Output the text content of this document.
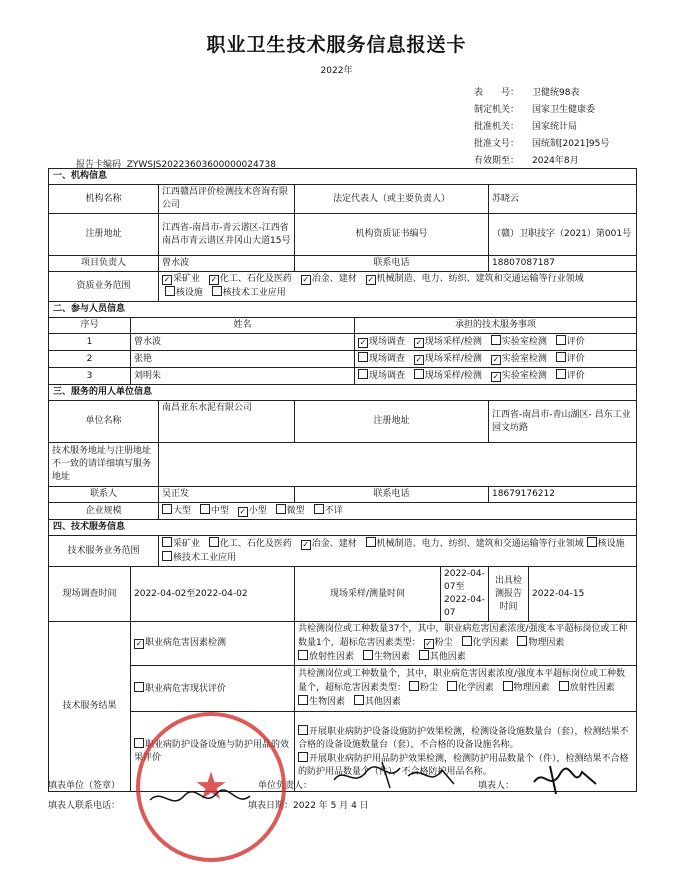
职业卫生技术服务信息报送卡
2022年
表　　号： 卫健统98表
制定机关： 国家卫生健康委
批准机关： 国家统计局
批准文号： 国统制[2021]95号
有效期至： 2024年8月
报告卡编码 ZYWSJS20223603600000024738
一、机构信息							
机构名称		江西赣昌评价检测技术咨询有限公司	法定代表人（或主要负责人）			苏晓云	
注册地址		江西省-南昌市-青云谱区-江西省南昌市青云谱区井冈山大道15号	机构资质证书编号			（赣）卫职技字（2021）第001号	
项目负责人		曾水波	联系电话			18807087187	
资质业务范围		✓ 采矿业 ✓ 化工、石化及医药 ✓ 冶金、建材 ✓ 机械制造、电力、纺织、建筑和交通运输等行业领域  核设施 核技术工业应用					
二、参与人员信息							
序号	姓名			承担的技术服务事项			
1	曾水波			✓ 现场调查 ✓ 现场采样/检测 实验室检测 评价			
2	张艳			现场调查 ✓ 现场采样/检测 ✓ 实验室检测 评价			
3	刘明朱			现场调查 现场采样/检测 ✓ 实验室检测 评价			
三、服务的用人单位信息							
单位名称		南昌亚东水泥有限公司	注册地址			江西省-南昌市-青山湖区- 昌东工业园文坊路	
技术服务地址与注册地址不一致的请详细填写服务地址							
联系人		吴正发	联系电话			18679176212	
企业规模		大型 中型 ✓ 小型 微型 不详					
四、技术服务信息							
技术服务业务范围		采矿业 化工、石化及医药 ✓ 冶金、建材 机械制造、电力、纺织、建筑和交通运输等行业领域 核设施 核技术工业应用					
现场调查时间	2022-04-02至2022-04-02		现场采样/测量时间		2022-04-07至2022-04-07	出具检测报告时间	2022-04-15
技术服务结果	✓ 职业病危害因素检测		共检测岗位或工种数量37个，其中，职业病危害因素浓度/强度本平超标岗位或工种数量1个，超标危害因素类型： ✓ 粉尘 化学因素 物理因素 放射性因素 生物因素 其他因素				
	职业病危害现状评价		共检测岗位或工种数量个，其中，职业病危害因素浓度/强度本平超标岗位或工种数量个，超标危害因素类型： 粉尘 化学因素 物理因素 放射性因素 生物因素 其他因素				
	职业病防护设备设施与防护用品的效果评价		开展职业病防护设备设施防护效果检测，检测设备设施数量台（套），检测结果不合格的设备设施数量台（套），不合格的设备设施名称。
开展职业病防护用品防护效果检测，检测防护用品数量个（件），检测结果不合格的防护用品数量个（件），不合格防护用品名称。				
填表单位（签章）	单位负责人：	填表人：
填表人联系电话：	填表日期：2022 年 5 月 4 日
★
